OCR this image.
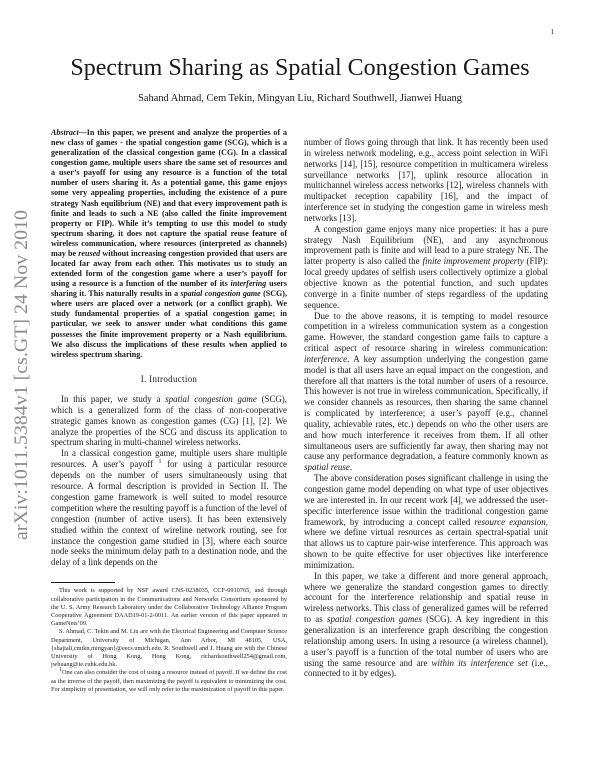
1
arXiv:1011.5384v1 [cs.GT] 24 Nov 2010
Spectrum Sharing as Spatial Congestion Games

Sahand Ahmad, Cem Tekin, Mingyan Liu, Richard Southwell, Jianwei Huang

Abstract—In this paper, we present and analyze the properties of a new class of games - the spatial congestion game (SCG), which is a generalization of the classical congestion game (CG). In a classical congestion game, multiple users share the same set of resources and a user’s payoff for using any resource is a function of the total number of users sharing it. As a potential game, this game enjoys some very appealing properties, including the existence of a pure strategy Nash equilibrium (NE) and that every improvement path is finite and leads to such a NE (also called the finite improvement property or FIP). While it’s tempting to use this model to study spectrum sharing, it does not capture the spatial reuse feature of wireless communication, where resources (interpreted as channels) may be reused without increasing congestion provided that users are located far away from each other. This motivates us to study an extended form of the congestion game where a user’s payoff for using a resource is a function of the number of its interfering users sharing it. This naturally results in a spatial congestion game (SCG), where users are placed over a network (or a conflict graph). We study fundamental properties of a spatial congestion game; in particular, we seek to answer under what conditions this game possesses the finite improvement property or a Nash equilibrium. We also discuss the implications of these results when applied to wireless spectrum sharing.

I. Introduction

In this paper, we study a spatial congestion game (SCG), which is a generalized form of the class of non-cooperative strategic games known as congestion games (CG) [1], [2]. We analyze the properties of the SCG and discuss its application to spectrum sharing in multi-channel wireless networks.

In a classical congestion game, multiple users share multiple resources. A user’s payoff $^1$ for using a particular resource depends on the number of users simultaneously using that resource. A formal description is provided in Section II. The congestion game framework is well suited to model resource competition where the resulting payoff is a function of the level of congestion (number of active users). It has been extensively studied within the context of wireline network routing, see for instance the congestion game studied in [3], where each source node seeks the minimum delay path to a destination node, and the delay of a link depends on the

This work is supported by NSF award CNS-0238035, CCF-0910765, and through collaborative participation in the Communications and Networks Consortium sponsored by the U. S. Army Research Laboratory under the Collaborative Technology Alliance Program Cooperative Agreement DAAD19-01-2-0011. An earlier version of this paper appeared in GameNets’09.

S. Ahmad, C. Tekin and M. Liu are with the Electrical Engineering and Computer Science Department, University of Michigan, Ann Arbor, MI 48105, USA, {shajiali,cmtkn,mingyan}@eecs.umich.edu. R. Southwell and J. Huang are with the Chinese University of Hong Kong, Hong Kong, richardsouthwell254@gmail.com, jwhuang@ie.cuhk.edu.hk.

$^1$One can also consider the cost of using a resource instead of payoff. If we define the cost as the inverse of the payoff, then maximizing the payoff is equivalent to minimizing the cost. For simplicity of presentation, we will only refer to the maximization of payoff in this paper.

number of flows going through that link. It has recently been used in wireless network modeling, e.g., access point selection in WiFi networks [14], [15], resource competition in multicamera wireless surveillance networks [17], uplink resource allocation in multichannel wireless access networks [12], wireless channels with multipacket reception capability [16], and the impact of interference set in studying the congestion game in wireless mesh networks [13].

A congestion game enjoys many nice properties: it has a pure strategy Nash Equilibrium (NE), and any asynchronous improvement path is finite and will lead to a pure strategy NE. The latter property is also called the finite improvement property (FIP): local greedy updates of selfish users collectively optimize a global objective known as the potential function, and such updates converge in a finite number of steps regardless of the updating sequence.

Due to the above reasons, it is tempting to model resource competition in a wireless communication system as a congestion game. However, the standard congestion game fails to capture a critical aspect of resource sharing in wireless communication: interference. A key assumption underlying the congestion game model is that all users have an equal impact on the congestion, and therefore all that matters is the total number of users of a resource. This however is not true in wireless communication. Specifically, if we consider channels as resources, then sharing the same channel is complicated by interference; a user’s payoff (e.g., channel quality, achievable rates, etc.) depends on who the other users are and how much interference it receives from them. If all other simultaneous users are sufficiently far away, then sharing may not cause any performance degradation, a feature commonly known as spatial reuse.

The above consideration poses significant challenge in using the congestion game model depending on what type of user objectives we are interested in. In our recent work [4], we addressed the user-specific interference issue within the traditional congestion game framework, by introducing a concept called resource expansion, where we define virtual resources as certain spectral-spatial unit that allows us to capture pair-wise interference. This approach was shown to be quite effective for user objectives like interference minimization.

In this paper, we take a different and more general approach, where we generalize the standard congestion games to directly account for the interference relationship and spatial reuse in wireless networks. This class of generalized games will be referred to as spatial congestion games (SCG). A key ingredient in this generalization is an interference graph describing the congestion relationship among users. In using a resource (a wireless channel), a user’s payoff is a function of the total number of users who are using the same resource and are within its interference set (i.e., connected to it by edges).
